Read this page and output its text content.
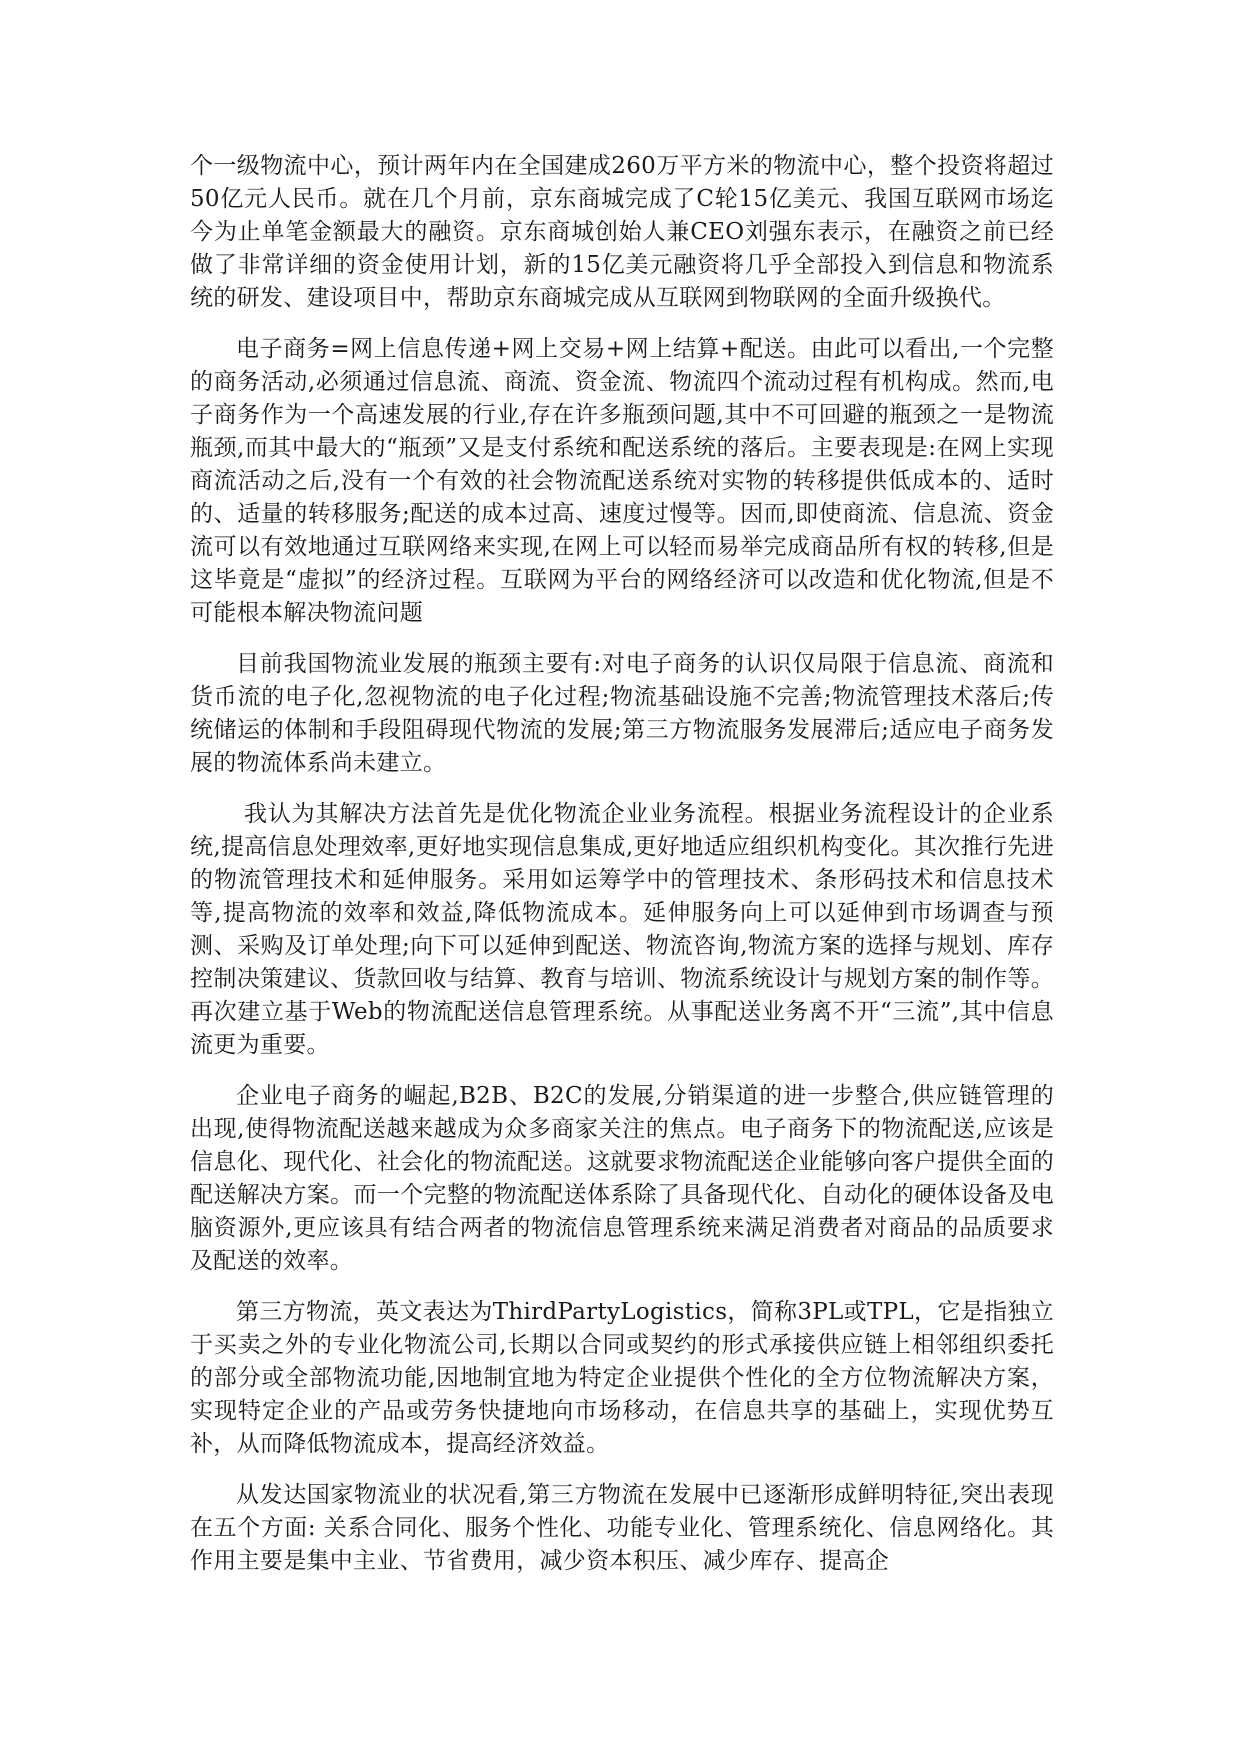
个一级物流中心，预计两年内在全国建成260万平方米的物流中心，整个投资将超过50亿元人民币。就在几个月前，京东商城完成了C轮15亿美元、我国互联网市场迄今为止单笔金额最大的融资。京东商城创始人兼CEO刘强东表示，在融资之前已经做了非常详细的资金使用计划，新的15亿美元融资将几乎全部投入到信息和物流系统的研发、建设项目中，帮助京东商城完成从互联网到物联网的全面升级换代。

电子商务=网上信息传递+网上交易+网上结算+配送。由此可以看出,一个完整的商务活动,必须通过信息流、商流、资金流、物流四个流动过程有机构成。然而,电子商务作为一个高速发展的行业,存在许多瓶颈问题,其中不可回避的瓶颈之一是物流瓶颈,而其中最大的“瓶颈”又是支付系统和配送系统的落后。主要表现是:在网上实现商流活动之后,没有一个有效的社会物流配送系统对实物的转移提供低成本的、适时的、适量的转移服务;配送的成本过高、速度过慢等。因而,即使商流、信息流、资金流可以有效地通过互联网络来实现,在网上可以轻而易举完成商品所有权的转移,但是这毕竟是“虚拟”的经济过程。互联网为平台的网络经济可以改造和优化物流,但是不可能根本解决物流问题

目前我国物流业发展的瓶颈主要有:对电子商务的认识仅局限于信息流、商流和货币流的电子化,忽视物流的电子化过程;物流基础设施不完善;物流管理技术落后;传统储运的体制和手段阻碍现代物流的发展;第三方物流服务发展滞后;适应电子商务发展的物流体系尚未建立。

我认为其解决方法首先是优化物流企业业务流程。根据业务流程设计的企业系统,提高信息处理效率,更好地实现信息集成,更好地适应组织机构变化。其次推行先进的物流管理技术和延伸服务。采用如运筹学中的管理技术、条形码技术和信息技术等,提高物流的效率和效益,降低物流成本。延伸服务向上可以延伸到市场调查与预测、采购及订单处理;向下可以延伸到配送、物流咨询,物流方案的选择与规划、库存控制决策建议、货款回收与结算、教育与培训、物流系统设计与规划方案的制作等。再次建立基于Web的物流配送信息管理系统。从事配送业务离不开“三流”,其中信息流更为重要。

企业电子商务的崛起,B2B、B2C的发展,分销渠道的进一步整合,供应链管理的出现,使得物流配送越来越成为众多商家关注的焦点。电子商务下的物流配送,应该是信息化、现代化、社会化的物流配送。这就要求物流配送企业能够向客户提供全面的配送解决方案。而一个完整的物流配送体系除了具备现代化、自动化的硬体设备及电脑资源外,更应该具有结合两者的物流信息管理系统来满足消费者对商品的品质要求及配送的效率。

第三方物流，英文表达为ThirdPartyLogistics，简称3PL或TPL，它是指独立于买卖之外的专业化物流公司,长期以合同或契约的形式承接供应链上相邻组织委托的部分或全部物流功能,因地制宜地为特定企业提供个性化的全方位物流解决方案，实现特定企业的产品或劳务快捷地向市场移动，在信息共享的基础上，实现优势互补，从而降低物流成本，提高经济效益。

从发达国家物流业的状况看,第三方物流在发展中已逐渐形成鲜明特征,突出表现在五个方面: 关系合同化、服务个性化、功能专业化、管理系统化、信息网络化。其作用主要是集中主业、节省费用，减少资本积压、减少库存、提高企
